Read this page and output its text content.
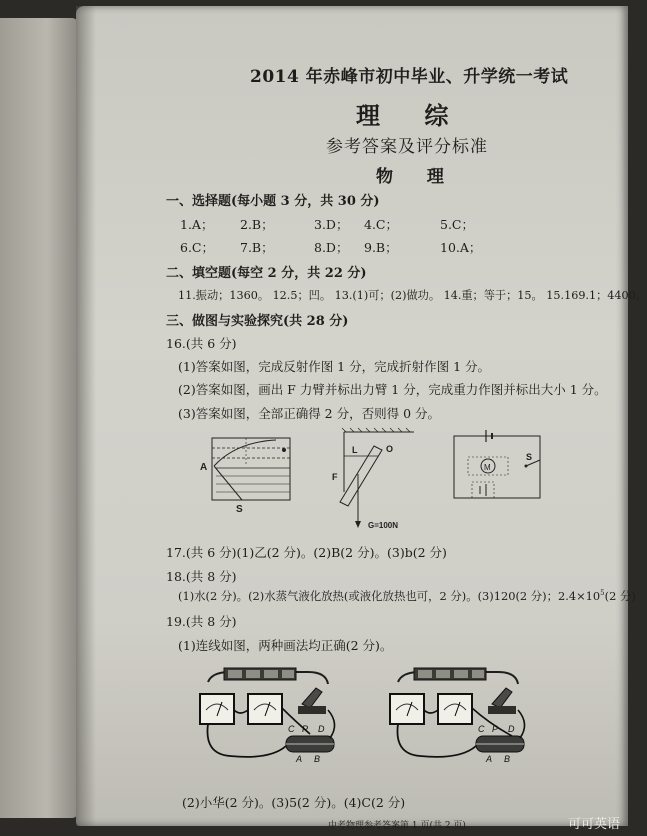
2014 年赤峰市初中毕业、升学统一考试
理 综
参考答案及评分标准
物 理
一、选择题(每小题 3 分，共 30 分)
1.A； 2.B；	3.D； 4.C；	5.C；
6.C； 7.B；	8.D； 9.B；	10.A；
二、填空题(每空 2 分，共 22 分)
11.振动；1360。 12.5；凹。 13.(1)可；(2)做功。 14.重；等于；15。 15.169.1；4400。
三、做图与实验探究(共 28 分)
16.(共 6 分)
(1)答案如图，完成反射作图 1 分，完成折射作图 1 分。
(2)答案如图，画出 F 力臂并标出力臂 1 分，完成重力作图并标出大小 1 分。
(3)答案如图，全部正确得 2 分，否则得 0 分。
A
S
L	O
F
G=100N
M
S
17.(共 6 分)(1)乙(2 分)。(2)B(2 分)。(3)b(2 分)
18.(共 8 分)
(1)水(2 分)。(2)水蒸气液化放热(或液化放热也可，2 分)。(3)120(2 分)；$2.4\times 10^5(2$ 分)
19.(共 8 分)
(1)连线如图，两种画法均正确(2 分)。
C P D
A B
C P D
A B
(2)小华(2 分)。(3)5(2 分)。(4)C(2 分)
中考物理参考答案第 1 页(共 2 页)	可可英语
